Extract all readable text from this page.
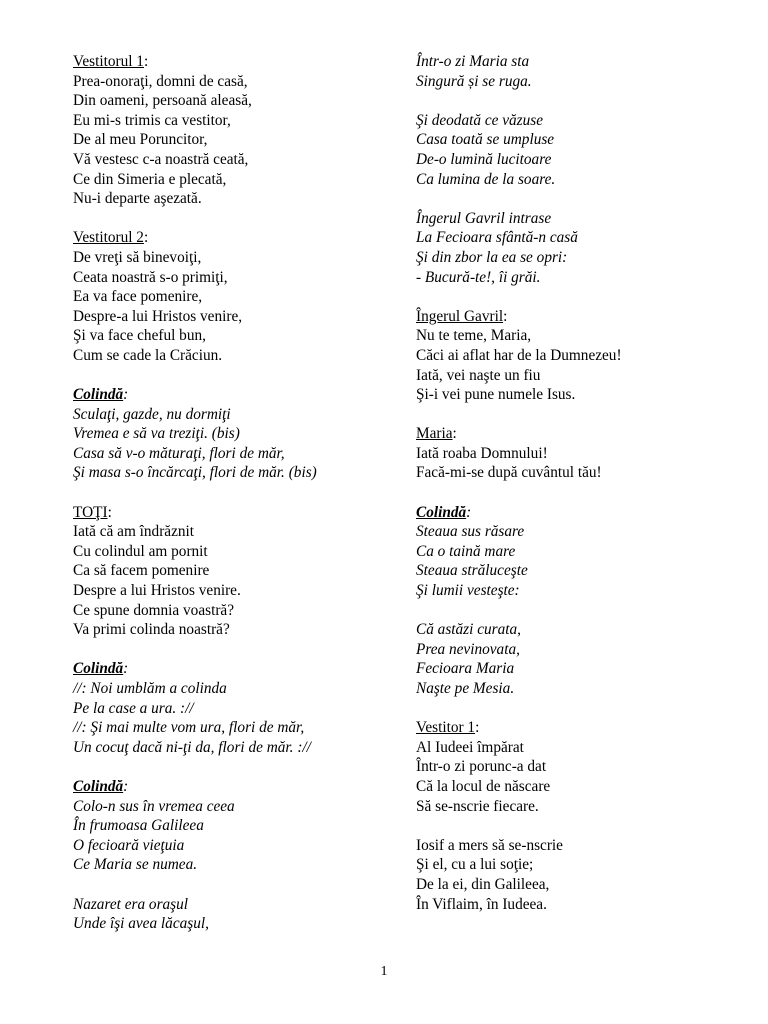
Vestitorul 1:
Prea-onoraţi, domni de casă,
Din oameni, persoană aleasă,
Eu mi-s trimis ca vestitor,
De al meu Poruncitor,
Vă vestesc c-a noastră ceată,
Ce din Simeria e plecată,
Nu-i departe aşezată.
Vestitorul 2:
De vreţi să binevoiţi,
Ceata noastră s-o primiţi,
Ea va face pomenire,
Despre-a lui Hristos venire,
Şi va face cheful bun,
Cum se cade la Crăciun.
Colindă:
Sculaţi, gazde, nu dormiţi
Vremea e să va treziţi. (bis)
Casa să v-o măturaţi, flori de măr,
Şi masa s-o încărcaţi, flori de măr. (bis)
TOŢI:
Iată că am îndrăznit
Cu colindul am pornit
Ca să facem pomenire
Despre a lui Hristos venire.
Ce spune domnia voastră?
Va primi colinda noastră?
Colindă:
//: Noi umblăm a colinda
Pe la case a ura. ://
//: Şi mai multe vom ura, flori de măr,
Un cocuţ dacă ni-ţi da, flori de măr. ://
Colindă:
Colo-n sus în vremea ceea
În frumoasa Galileea
O fecioară vieţuia
Ce Maria se numea.
Nazaret era oraşul
Unde îşi avea lăcaşul,
Într-o zi Maria sta
Singură și se ruga.
Şi deodată ce văzuse
Casa toată se umpluse
De-o lumină lucitoare
Ca lumina de la soare.
Îngerul Gavril intrase
La Fecioara sfântă-n casă
Şi din zbor la ea se opri:
- Bucură-te!, îi grăi.
Îngerul Gavril:
Nu te teme, Maria,
Căci ai aflat har de la Dumnezeu!
Iată, vei naşte un fiu
Şi-i vei pune numele Isus.
Maria:
Iată roaba Domnului!
Facă-mi-se după cuvântul tău!
Colindă:
Steaua sus răsare
Ca o taină mare
Steaua străluceşte
Şi lumii vesteşte:
Că astăzi curata,
Prea nevinovata,
Fecioara Maria
Naşte pe Mesia.
Vestitor 1:
Al Iudeei împărat
Într-o zi porunc-a dat
Că la locul de născare
Să se-nscrie fiecare.
Iosif a mers să se-nscrie
Şi el, cu a lui soţie;
De la ei, din Galileea,
În Viflaim, în Iudeea.
1
